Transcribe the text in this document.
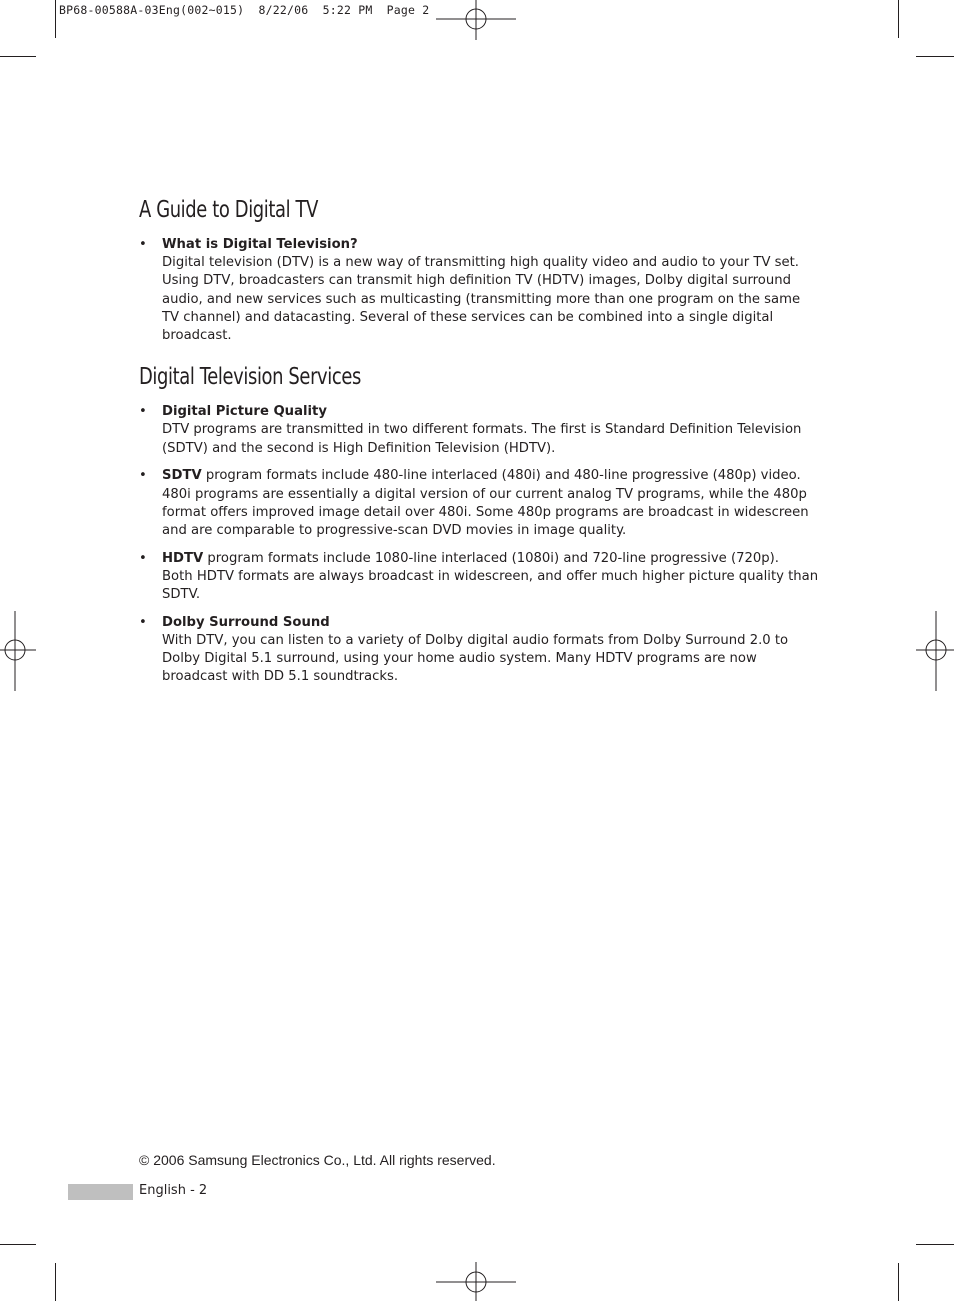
BP68-00588A-03Eng(002~015)  8/22/06  5:22 PM  Page 2
A Guide to Digital TV
• What is Digital Television?
Digital television (DTV) is a new way of transmitting high quality video and audio to your TV set.
Using DTV, broadcasters can transmit high definition TV (HDTV) images, Dolby digital surround
audio, and new services such as multicasting (transmitting more than one program on the same
TV channel) and datacasting. Several of these services can be combined into a single digital
broadcast.
Digital Television Services
• Digital Picture Quality
DTV programs are transmitted in two different formats. The first is Standard Definition Television
(SDTV) and the second is High Definition Television (HDTV).
• SDTV program formats include 480-line interlaced (480i) and 480-line progressive (480p) video.
480i programs are essentially a digital version of our current analog TV programs, while the 480p
format offers improved image detail over 480i. Some 480p programs are broadcast in widescreen
and are comparable to progressive-scan DVD movies in image quality.
• HDTV program formats include 1080-line interlaced (1080i) and 720-line progressive (720p).
Both HDTV formats are always broadcast in widescreen, and offer much higher picture quality than
SDTV.
• Dolby Surround Sound
With DTV, you can listen to a variety of Dolby digital audio formats from Dolby Surround 2.0 to
Dolby Digital 5.1 surround, using your home audio system. Many HDTV programs are now
broadcast with DD 5.1 soundtracks.
© 2006 Samsung Electronics Co., Ltd. All rights reserved.
English - 2
